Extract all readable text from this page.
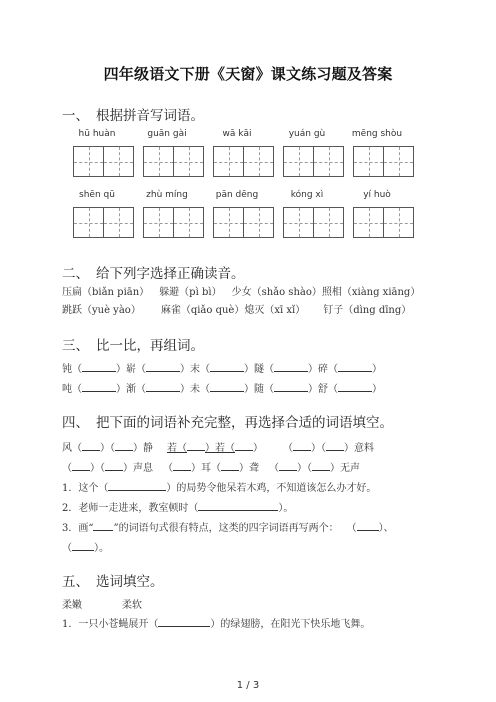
四年级语文下册《天窗》课文练习题及答案
一、 根据拼音写词语。
hū huàn	guān gài	wā kāi	yuán gù	mēng shòu
shēn qū	zhù míng	pān dēng	kóng xì	yí huò
二、 给下列字选择正确读音。
压扁（biǎn piān） 躲避（pì bì） 少女（shǎo shào）照相（xiàng xiāng）
跳跃（yuè yào） 麻雀（qiǎo què）熄灭（xī xǐ） 钉子（dìng dīng）
三、 比一比，再组词。
钝（	）崭（	）末（	）隧（	）碎（	）
吨（	）渐（	）未（	）随（	）舒（	）
四、 把下面的词语补充完整，再选择合适的词语填空。
风（ ）（ ）静 若（ ）若（ ） （ ）（ ）意料
（ ）（ ）声息 （ ）耳（ ）聋 （ ）（ ）无声
1．这个（	）的局势令他呆若木鸡，不知道该怎么办才好。
2．老师一走进来，教室顿时（	）。
3．画“ ”的词语句式很有特点，这类的四字词语再写两个： （ ）、
（ ）。
五、 选词填空。
柔嫩	柔软
1．一只小苍蝇展开（	）的绿翅膀，在阳光下快乐地飞舞。
1 / 3
